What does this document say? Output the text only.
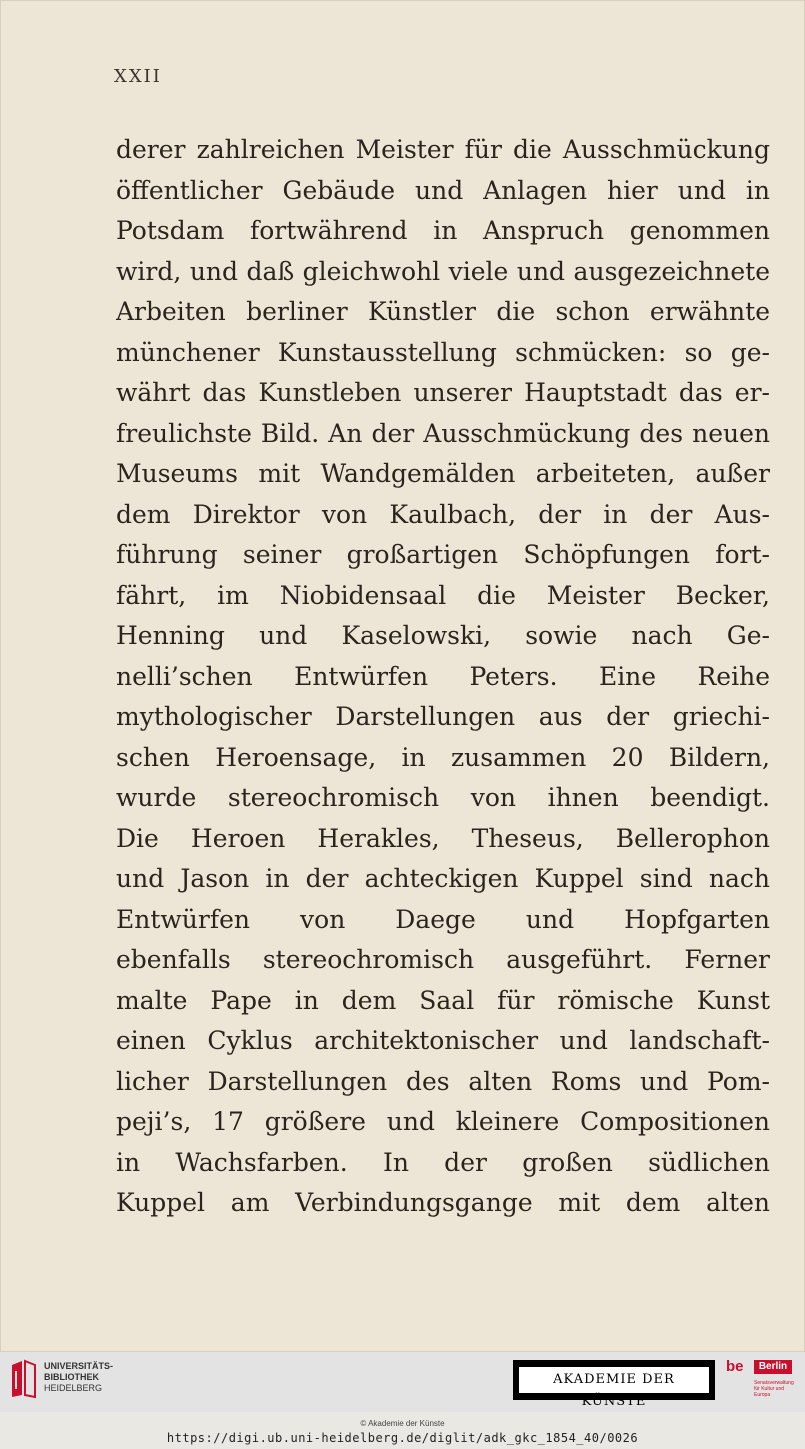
XXII
derer zahlreichen Meister für die Ausschmückung
öffentlicher Gebäude und Anlagen hier und in
Potsdam fortwährend in Anspruch genommen
wird, und daß gleichwohl viele und ausgezeichnete
Arbeiten berliner Künstler die schon erwähnte
münchener Kunstausstellung schmücken: so ge-
währt das Kunstleben unserer Hauptstadt das er-
freulichste Bild. An der Ausschmückung des neuen
Museums mit Wandgemälden arbeiteten, außer
dem Direktor von Kaulbach, der in der Aus-
führung seiner großartigen Schöpfungen fort-
fährt, im Niobidensaal die Meister Becker,
Henning und Kaselowski, sowie nach Ge-
nelli’schen Entwürfen Peters. Eine Reihe
mythologischer Darstellungen aus der griechi-
schen Heroensage, in zusammen 20 Bildern,
wurde stereochromisch von ihnen beendigt.
Die Heroen Herakles, Theseus, Bellerophon
und Jason in der achteckigen Kuppel sind nach
Entwürfen von Daege und Hopfgarten
ebenfalls stereochromisch ausgeführt. Ferner
malte Pape in dem Saal für römische Kunst
einen Cyklus architektonischer und landschaft-
licher Darstellungen des alten Roms und Pom-
peji’s, 17 größere und kleinere Compositionen
in Wachsfarben. In der großen südlichen
Kuppel am Verbindungsgange mit dem alten
UNIVERSITÄTS-
BIBLIOTHEK
HEIDELBERG
AKADEMIE DER KÜNSTE
be	Berlin
Senatsverwaltung für Kultur und Europa
© Akademie der Künste
https://digi.ub.uni-heidelberg.de/diglit/adk_gkc_1854_40/0026
